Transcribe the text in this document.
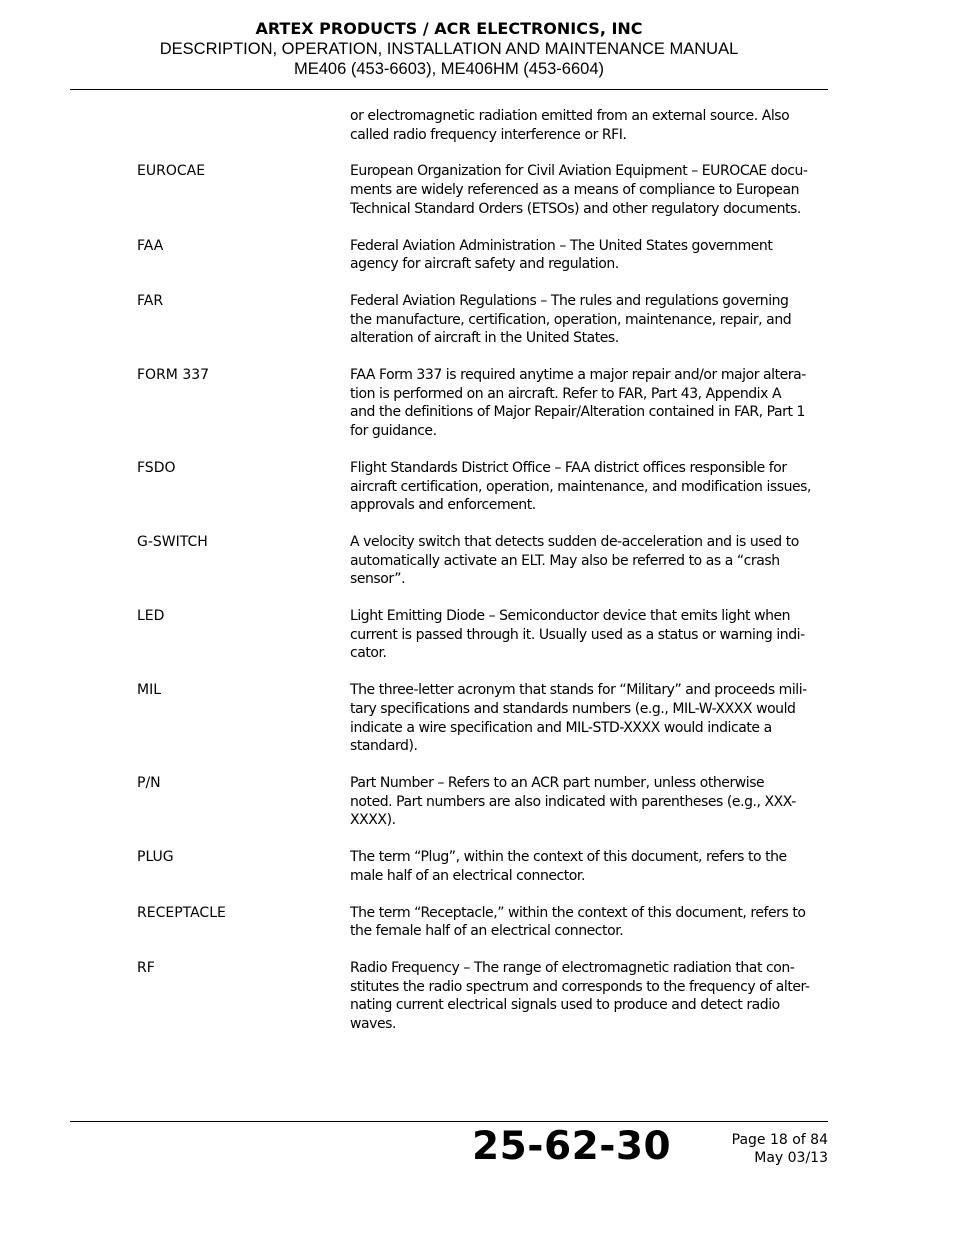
ARTEX PRODUCTS / ACR ELECTRONICS, INC

DESCRIPTION, OPERATION, INSTALLATION AND MAINTENANCE MANUAL

ME406 (453-6603), ME406HM (453-6604)

or electromagnetic radiation emitted from an external source. Also
called radio frequency interference or RFI.
EUROCAE	European Organization for Civil Aviation Equipment – EUROCAE docu-
ments are widely referenced as a means of compliance to European
Technical Standard Orders (ETSOs) and other regulatory documents.
FAA	Federal Aviation Administration – The United States government
agency for aircraft safety and regulation.
FAR	Federal Aviation Regulations – The rules and regulations governing
the manufacture, certification, operation, maintenance, repair, and
alteration of aircraft in the United States.
FORM 337	FAA Form 337 is required anytime a major repair and/or major altera-
tion is performed on an aircraft. Refer to FAR, Part 43, Appendix A
and the definitions of Major Repair/Alteration contained in FAR, Part 1
for guidance.
FSDO	Flight Standards District Office – FAA district offices responsible for
aircraft certification, operation, maintenance, and modification issues,
approvals and enforcement.
G-SWITCH	A velocity switch that detects sudden de-acceleration and is used to
automatically activate an ELT. May also be referred to as a “crash
sensor”.
LED	Light Emitting Diode – Semiconductor device that emits light when
current is passed through it. Usually used as a status or warning indi-
cator.
MIL	The three-letter acronym that stands for “Military” and proceeds mili-
tary specifications and standards numbers (e.g., MIL-W-XXXX would
indicate a wire specification and MIL-STD-XXXX would indicate a
standard).
P/N	Part Number – Refers to an ACR part number, unless otherwise
noted. Part numbers are also indicated with parentheses (e.g., XXX-
XXXX).
PLUG	The term “Plug”, within the context of this document, refers to the
male half of an electrical connector.
RECEPTACLE	The term “Receptacle,” within the context of this document, refers to
the female half of an electrical connector.
RF	Radio Frequency – The range of electromagnetic radiation that con-
stitutes the radio spectrum and corresponds to the frequency of alter-
nating current electrical signals used to produce and detect radio
waves.
25-62-30	Page 18 of 84
May 03/13
